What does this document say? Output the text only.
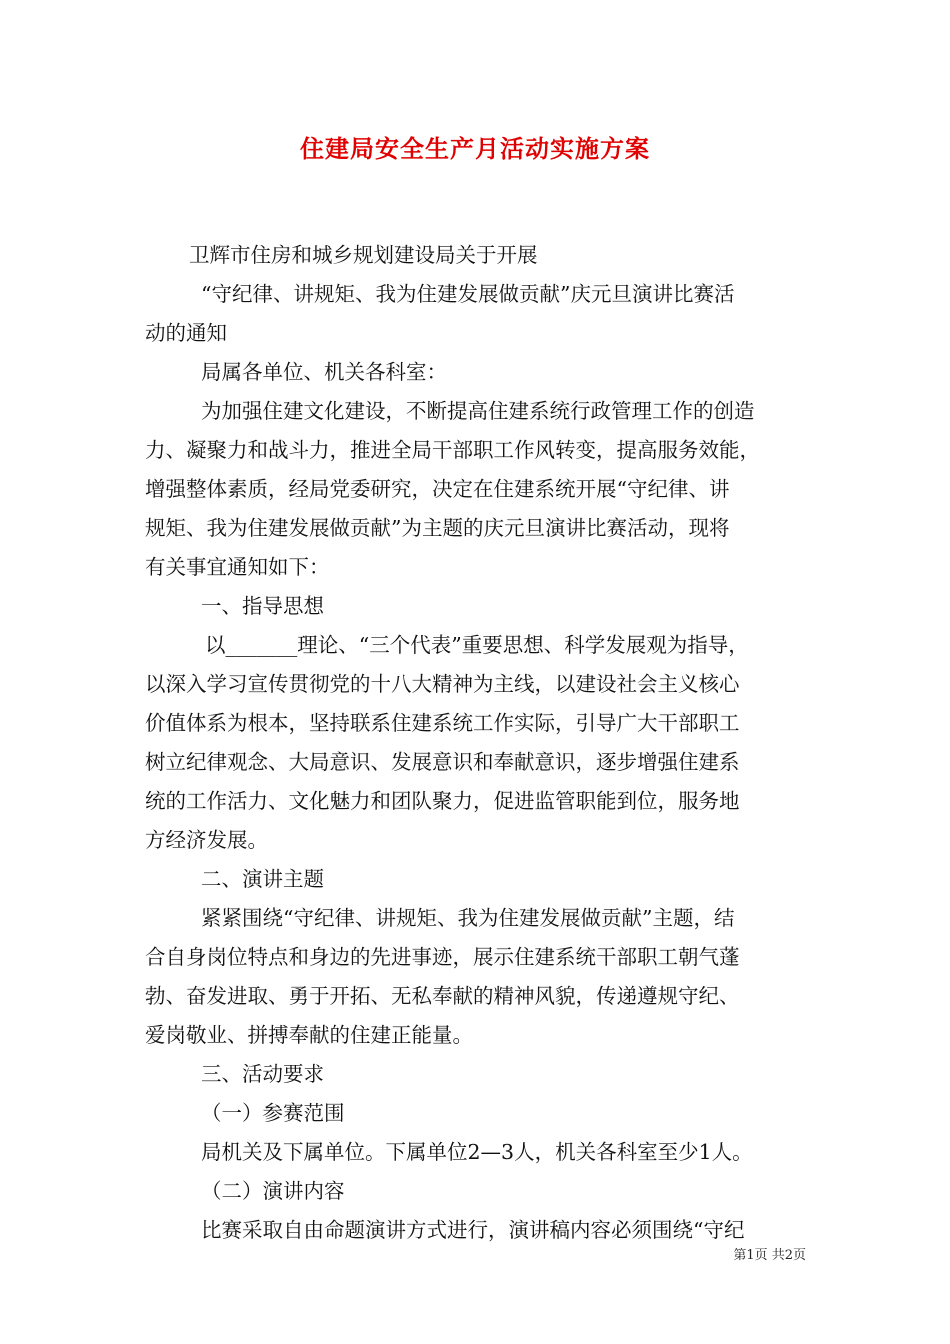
住建局安全生产月活动实施方案

卫辉市住房和城乡规划建设局关于开展

“守纪律、讲规矩、我为住建发展做贡献”庆元旦演讲比赛活

动的通知

局属各单位、机关各科室：

为加强住建文化建设，不断提高住建系统行政管理工作的创造

力、凝聚力和战斗力，推进全局干部职工作风转变，提高服务效能，

增强整体素质，经局党委研究，决定在住建系统开展“守纪律、讲

规矩、我为住建发展做贡献”为主题的庆元旦演讲比赛活动，现将

有关事宜通知如下：

一、指导思想

以_______理论、“三个代表”重要思想、科学发展观为指导，

以深入学习宣传贯彻党的十八大精神为主线，以建设社会主义核心

价值体系为根本，坚持联系住建系统工作实际，引导广大干部职工

树立纪律观念、大局意识、发展意识和奉献意识，逐步增强住建系

统的工作活力、文化魅力和团队聚力，促进监管职能到位，服务地

方经济发展。

二、演讲主题

紧紧围绕“守纪律、讲规矩、我为住建发展做贡献”主题，结

合自身岗位特点和身边的先进事迹，展示住建系统干部职工朝气蓬

勃、奋发进取、勇于开拓、无私奉献的精神风貌，传递遵规守纪、

爱岗敬业、拼搏奉献的住建正能量。

三、活动要求

（一）参赛范围

局机关及下属单位。下属单位2—3人，机关各科室至少1人。

（二）演讲内容

比赛采取自由命题演讲方式进行，演讲稿内容必须围绕“守纪

第1页 共2页
